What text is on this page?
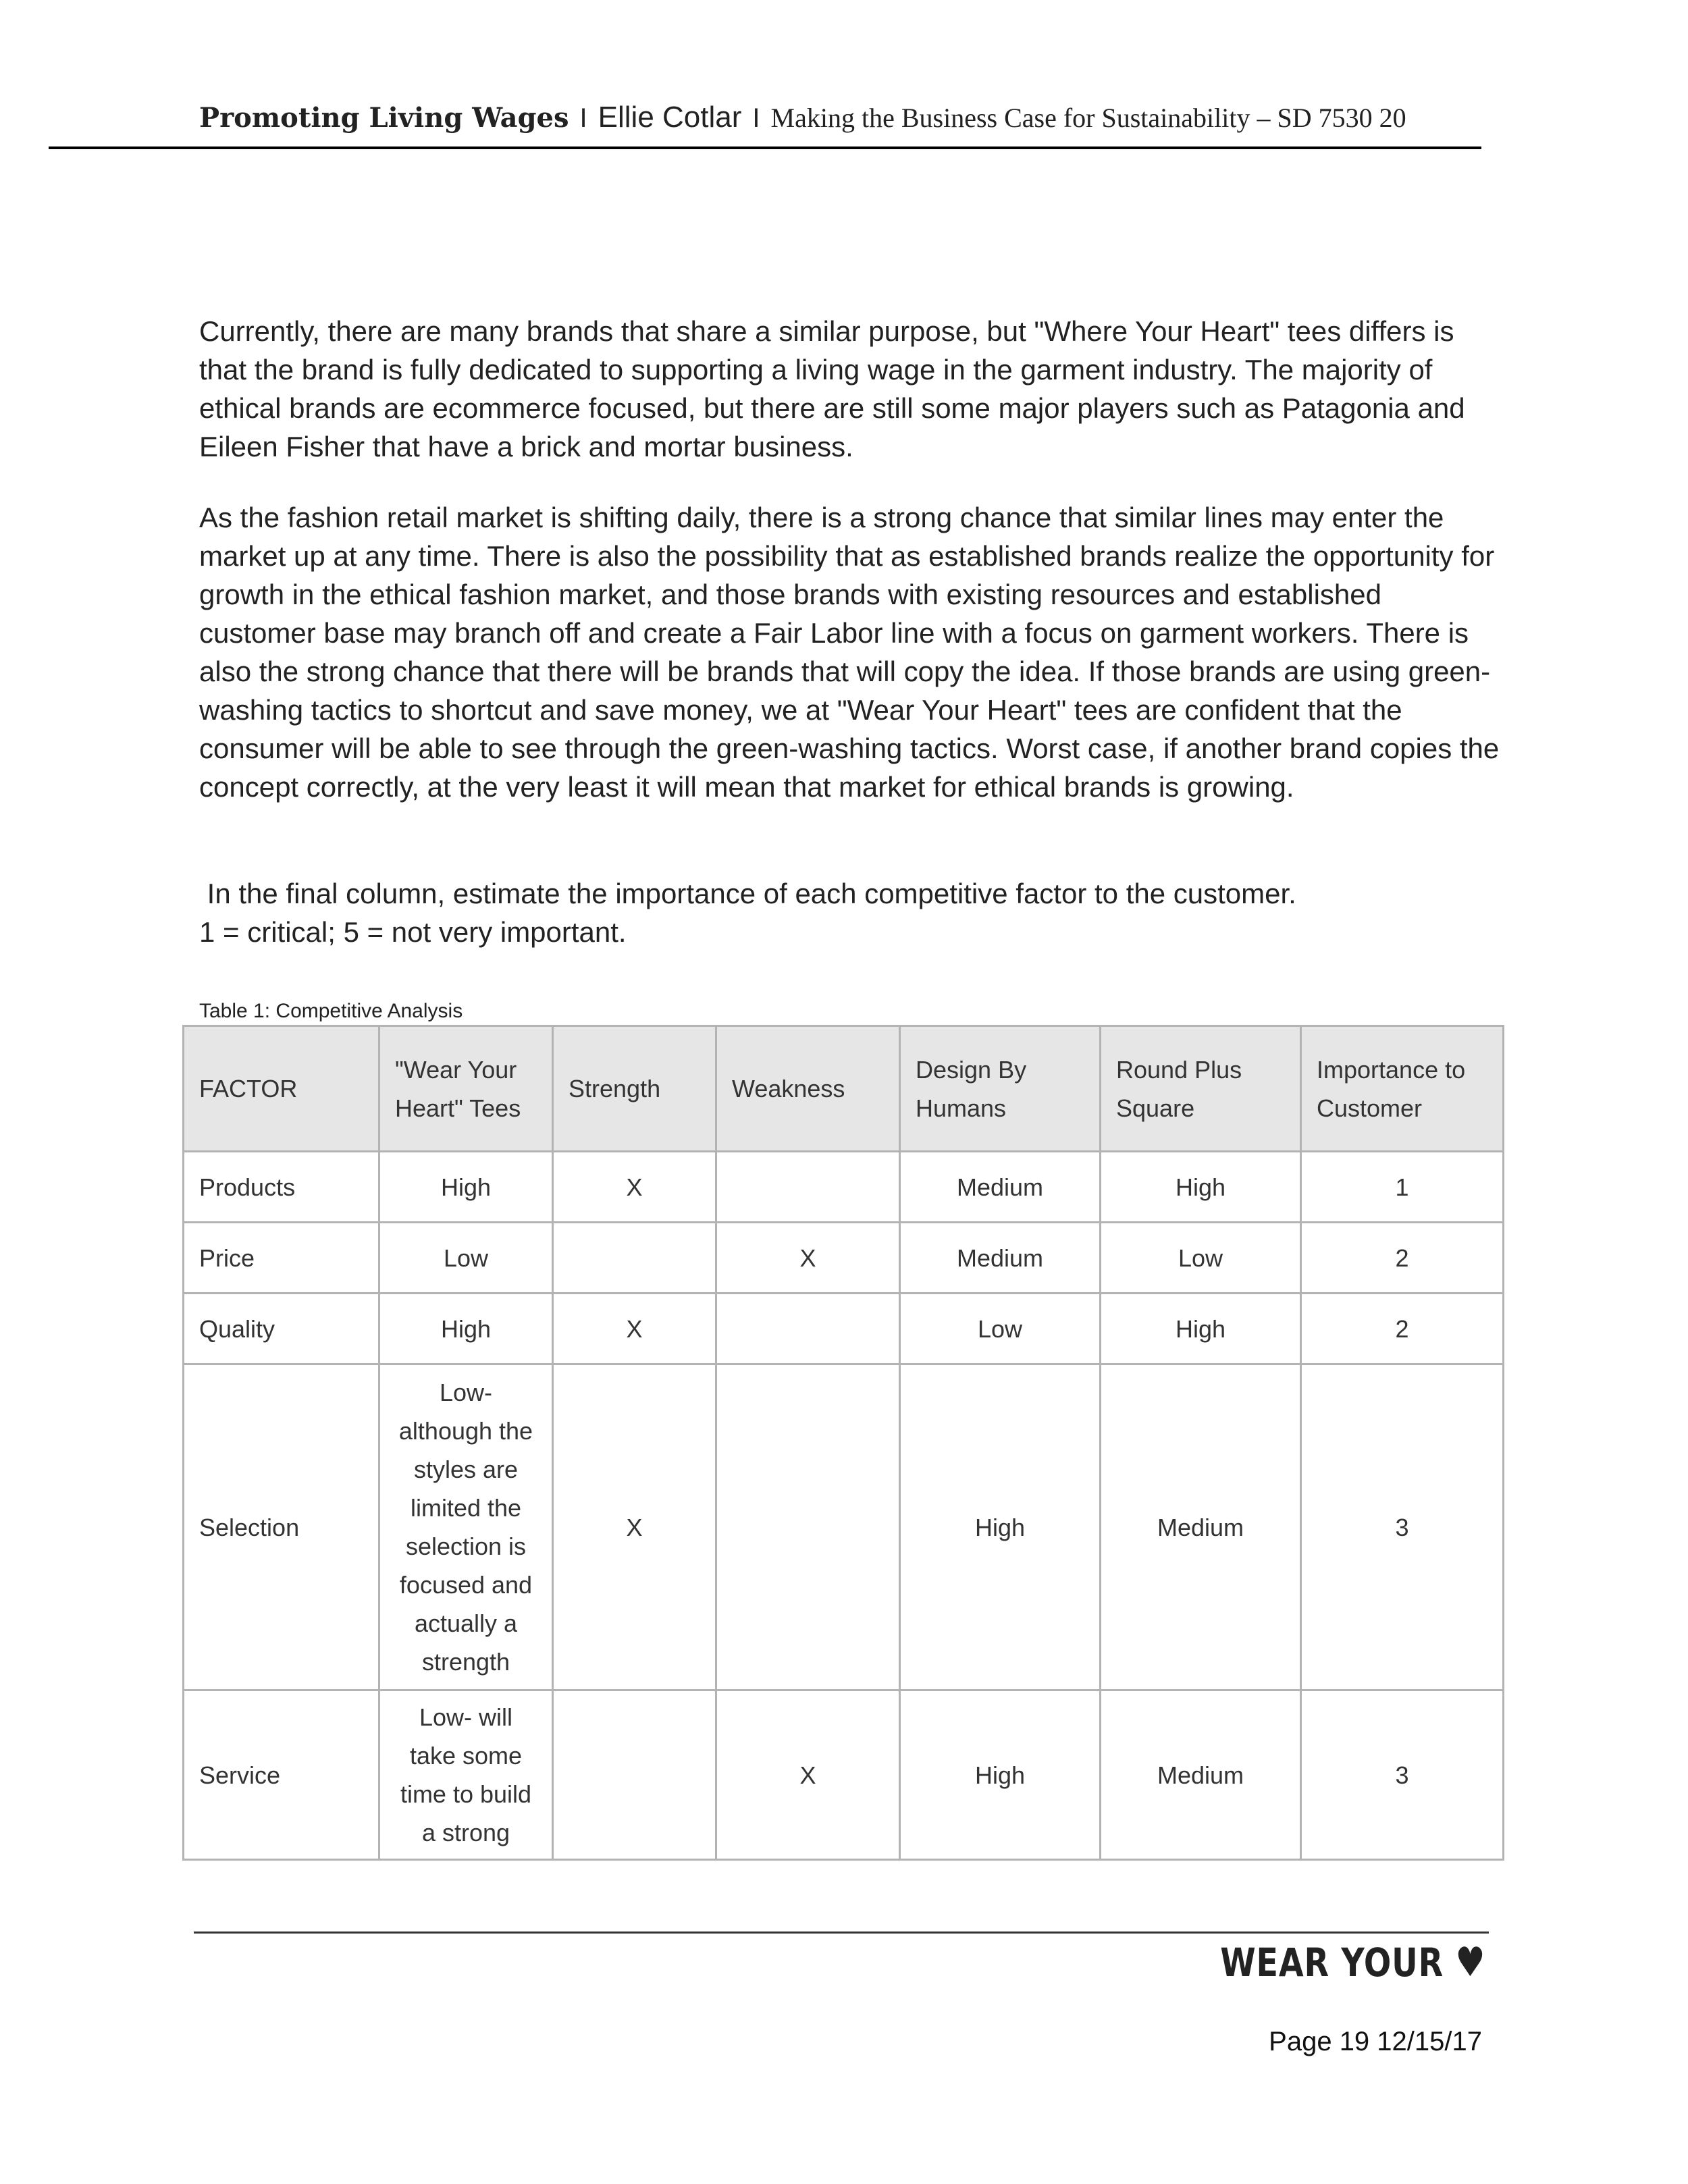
Promoting Living Wages I Ellie Cotlar I Making the Business Case for Sustainability – SD 7530 20

Currently, there are many brands that share a similar purpose, but "Where Your Heart" tees differs is that the brand is fully dedicated to supporting a living wage in the garment industry. The majority of ethical brands are ecommerce focused, but there are still some major players such as Patagonia and Eileen Fisher that have a brick and mortar business.

As the fashion retail market is shifting daily, there is a strong chance that similar lines may enter the market up at any time. There is also the possibility that as established brands realize the opportunity for growth in the ethical fashion market, and those brands with existing resources and established customer base may branch off and create a Fair Labor line with a focus on garment workers. There is also the strong chance that there will be brands that will copy the idea. If those brands are using green-washing tactics to shortcut and save money, we at "Wear Your Heart" tees are confident that the consumer will be able to see through the green-washing tactics. Worst case, if another brand copies the concept correctly, at the very least it will mean that market for ethical brands is growing.

In the final column, estimate the importance of each competitive factor to the customer.
1 = critical; 5 = not very important.
Table 1: Competitive Analysis
FACTOR	"Wear Your Heart" Tees	Strength	Weakness	Design By Humans	Round Plus Square	Importance to Customer
Products	High	X		Medium	High	1
Price	Low		X	Medium	Low	2
Quality	High	X		Low	High	2
Selection	Low- although the styles are limited the selection is focused and actually a strength	X		High	Medium	3
Service	Low- will take some time to build a strong		X	High	Medium	3
WEAR YOUR ♥
Page 19 12/15/17
